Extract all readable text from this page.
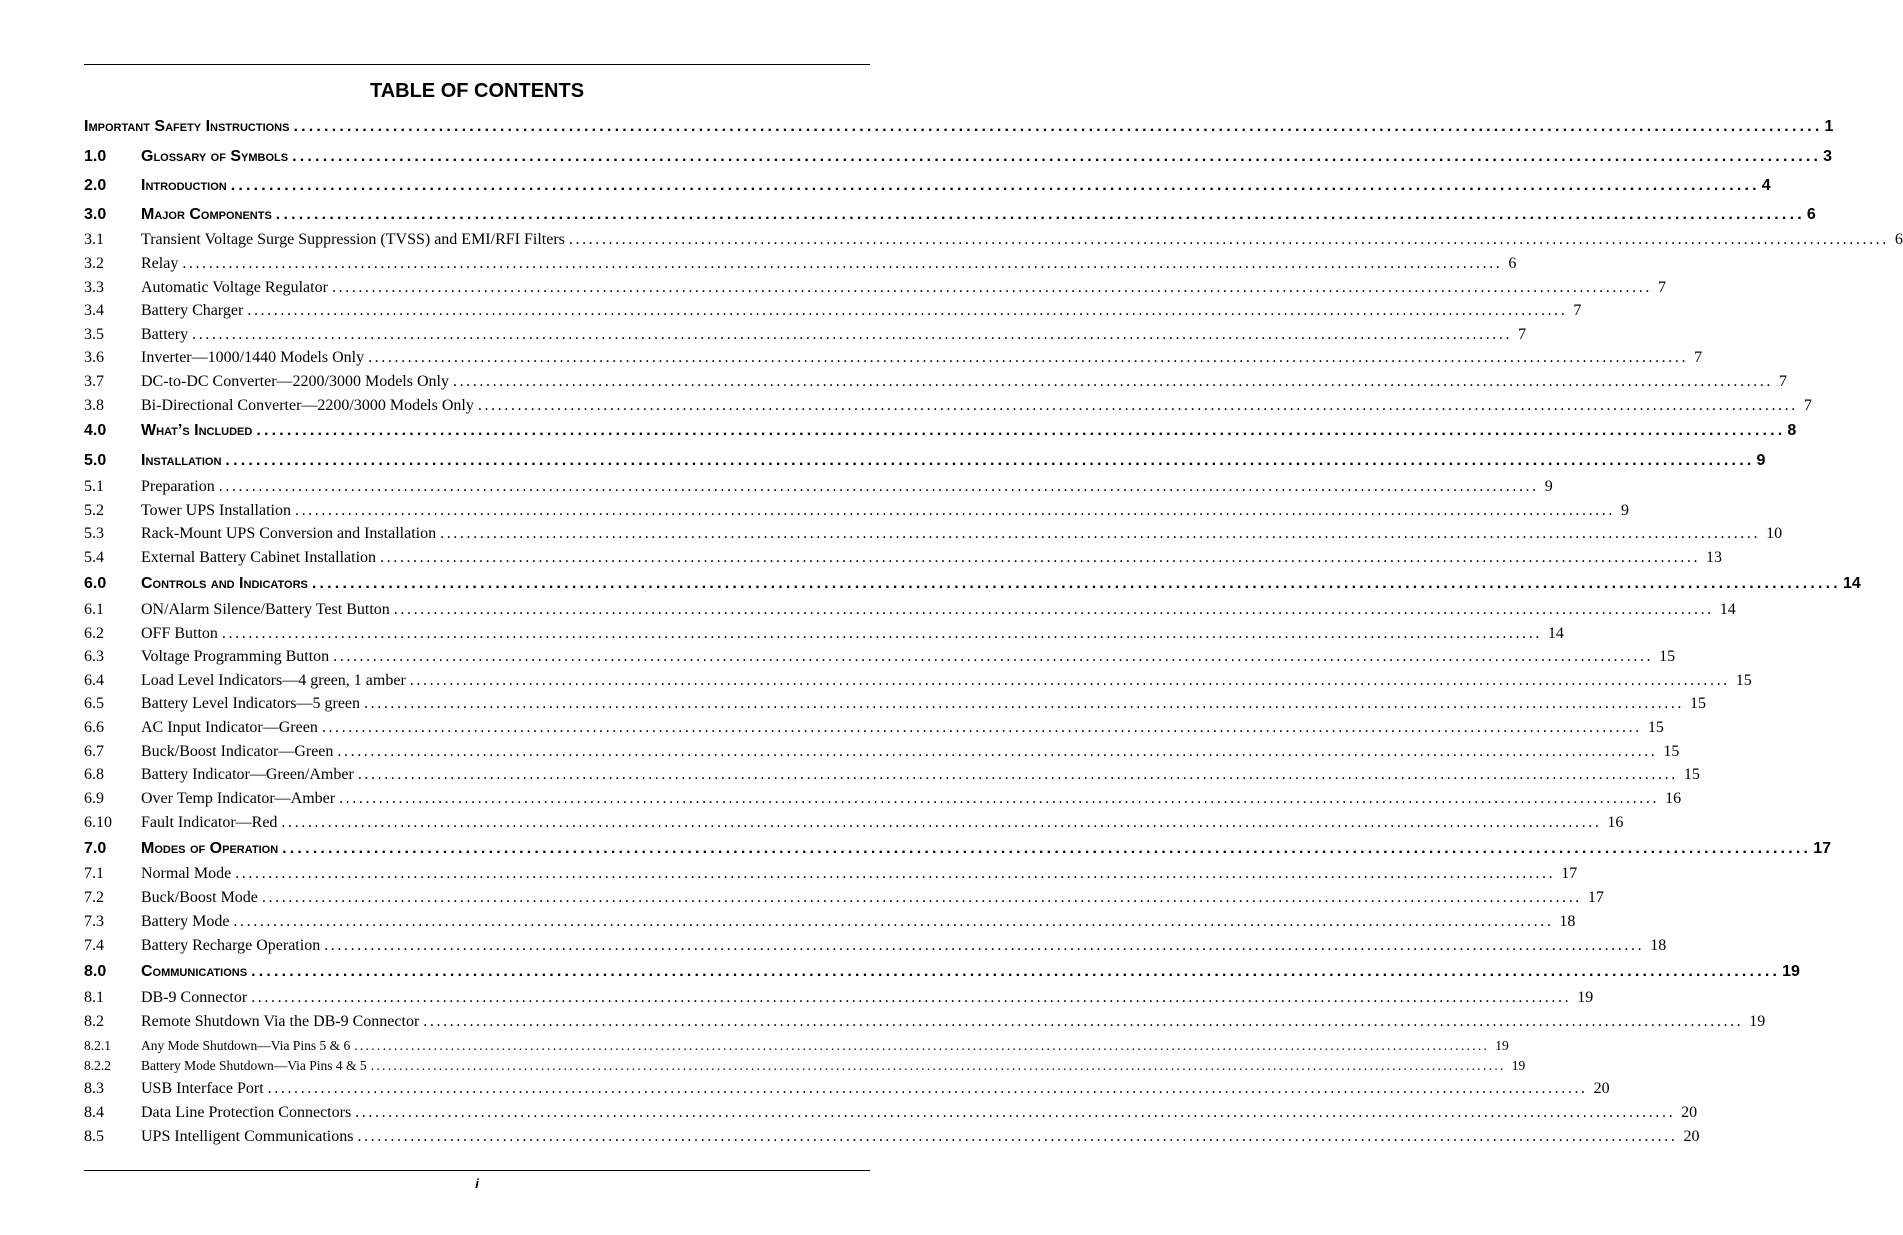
TABLE OF CONTENTS
Important Safety Instructions ........................................................................................................................................................................................................ 1
1.0	Glossary of Symbols ........................................................................................................................................................................................................ 3
2.0	Introduction ........................................................................................................................................................................................................ 4
3.0	Major Components ........................................................................................................................................................................................................ 6
3.1	Transient Voltage Surge Suppression (TVSS) and EMI/RFI Filters ........................................................................................................................................................................................................ 6
3.2	Relay ........................................................................................................................................................................................................ 6
3.3	Automatic Voltage Regulator ........................................................................................................................................................................................................ 7
3.4	Battery Charger ........................................................................................................................................................................................................ 7
3.5	Battery ........................................................................................................................................................................................................ 7
3.6	Inverter—1000/1440 Models Only ........................................................................................................................................................................................................ 7
3.7	DC-to-DC Converter—2200/3000 Models Only ........................................................................................................................................................................................................ 7
3.8	Bi-Directional Converter—2200/3000 Models Only ........................................................................................................................................................................................................ 7
4.0	What’s Included ........................................................................................................................................................................................................ 8
5.0	Installation ........................................................................................................................................................................................................ 9
5.1	Preparation ........................................................................................................................................................................................................ 9
5.2	Tower UPS Installation ........................................................................................................................................................................................................ 9
5.3	Rack-Mount UPS Conversion and Installation ........................................................................................................................................................................................................ 10
5.4	External Battery Cabinet Installation ........................................................................................................................................................................................................ 13
6.0	Controls and Indicators ........................................................................................................................................................................................................ 14
6.1	ON/Alarm Silence/Battery Test Button ........................................................................................................................................................................................................ 14
6.2	OFF Button ........................................................................................................................................................................................................ 14
6.3	Voltage Programming Button ........................................................................................................................................................................................................ 15
6.4	Load Level Indicators—4 green, 1 amber ........................................................................................................................................................................................................ 15
6.5	Battery Level Indicators—5 green ........................................................................................................................................................................................................ 15
6.6	AC Input Indicator—Green ........................................................................................................................................................................................................ 15
6.7	Buck/Boost Indicator—Green ........................................................................................................................................................................................................ 15
6.8	Battery Indicator—Green/Amber ........................................................................................................................................................................................................ 15
6.9	Over Temp Indicator—Amber ........................................................................................................................................................................................................ 16
6.10	Fault Indicator—Red ........................................................................................................................................................................................................ 16
7.0	Modes of Operation ........................................................................................................................................................................................................ 17
7.1	Normal Mode ........................................................................................................................................................................................................ 17
7.2	Buck/Boost Mode ........................................................................................................................................................................................................ 17
7.3	Battery Mode ........................................................................................................................................................................................................ 18
7.4	Battery Recharge Operation ........................................................................................................................................................................................................ 18
8.0	Communications ........................................................................................................................................................................................................ 19
8.1	DB-9 Connector ........................................................................................................................................................................................................ 19
8.2	Remote Shutdown Via the DB-9 Connector ........................................................................................................................................................................................................ 19
8.2.1	Any Mode Shutdown—Via Pins 5 & 6 ........................................................................................................................................................................................................ 19
8.2.2	Battery Mode Shutdown—Via Pins 4 & 5 ........................................................................................................................................................................................................ 19
8.3	USB Interface Port ........................................................................................................................................................................................................ 20
8.4	Data Line Protection Connectors ........................................................................................................................................................................................................ 20
8.5	UPS Intelligent Communications ........................................................................................................................................................................................................ 20
i
